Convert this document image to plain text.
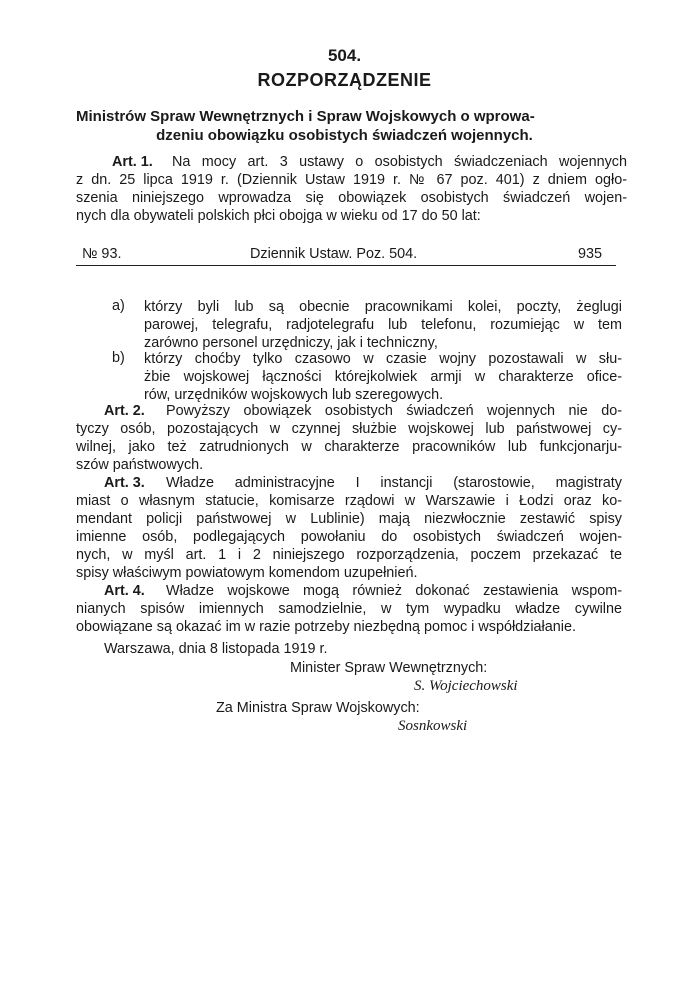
504.
ROZPORZĄDZENIE
Ministrów Spraw Wewnętrznych i Spraw Wojskowych o wprowa-
dzeniu obowiązku osobistych świadczeń wojennych.
Art. 1. Na mocy art. 3 ustawy o osobistych świadczeniach wojennych
z dn. 25 lipca 1919 r. (Dziennik Ustaw 1919 r. № 67 poz. 401) z dniem ogło-
szenia niniejszego wprowadza się obowiązek osobistych świadczeń wojen-
nych dla obywateli polskich płci obojga w wieku od 17 do 50 lat:
№ 93.	Dziennik Ustaw. Poz. 504.	935
a) którzy byli lub są obecnie pracownikami kolei, poczty, żeglugi
parowej, telegrafu, radjotelegrafu lub telefonu, rozumiejąc w tem
zarówno personel urzędniczy, jak i techniczny,
b) którzy choćby tylko czasowo w czasie wojny pozostawali w słu-
żbie wojskowej łączności którejkolwiek armji w charakterze ofice-
rów, urzędników wojskowych lub szeregowych.
Art. 2. Powyższy obowiązek osobistych świadczeń wojennych nie do-
tyczy osób, pozostających w czynnej służbie wojskowej lub państwowej cy-
wilnej, jako też zatrudnionych w charakterze pracowników lub funkcjonarju-
szów państwowych.
Art. 3. Władze administracyjne I instancji (starostowie, magistraty
miast o własnym statucie, komisarze rządowi w Warszawie i Łodzi oraz ko-
mendant policji państwowej w Lublinie) mają niezwłocznie zestawić spisy
imienne osób, podlegających powołaniu do osobistych świadczeń wojen-
nych, w myśl art. 1 i 2 niniejszego rozporządzenia, poczem przekazać te
spisy właściwym powiatowym komendom uzupełnień.
Art. 4. Władze wojskowe mogą również dokonać zestawienia wspom-
nianych spisów imiennych samodzielnie, w tym wypadku władze cywilne
obowiązane są okazać im w razie potrzeby niezbędną pomoc i współdziałanie.
Warszawa, dnia 8 listopada 1919 r.
Minister Spraw Wewnętrznych:
S. Wojciechowski
Za Ministra Spraw Wojskowych:
Sosnkowski
